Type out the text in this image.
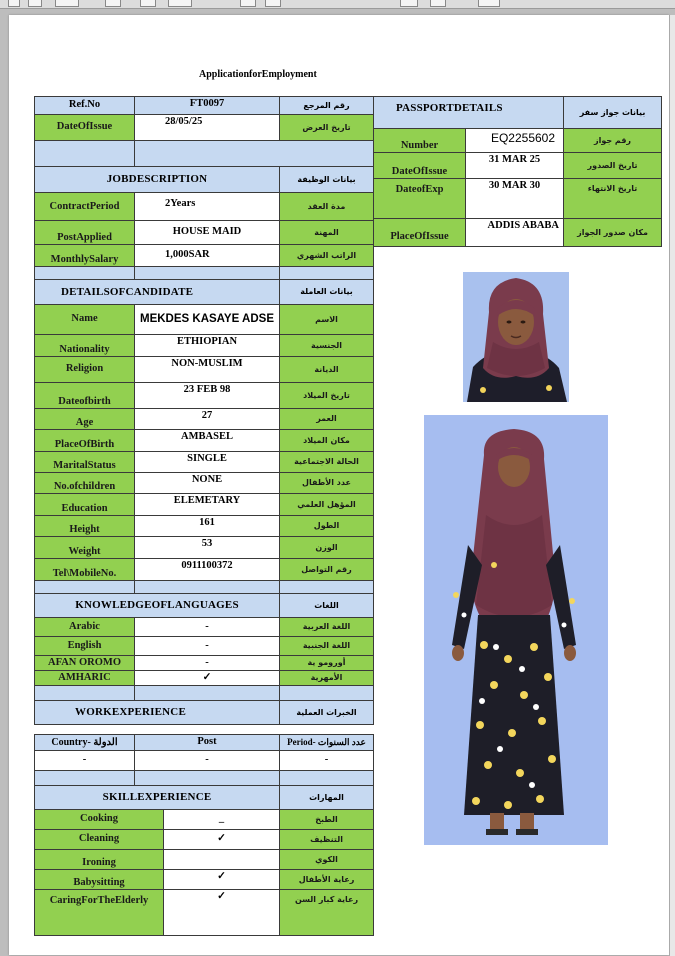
ApplicationforEmployment
Ref.No	FT0097	رقم المرجع
DateOfIssue	28/05/25	تاريخ العرض

JOBDESCRIPTION		بيانات الوظيفة
ContractPeriod	2Years	مدة العقد
PostApplied	HOUSE MAID	المهنة
MonthlySalary	1,000SAR	الراتب الشهري

DETAILSOFCANDIDATE		بيانات العاملة
Name	MEKDES KASAYE ADSE	الاسم
Nationality	ETHIOPIAN	الجنسية
Religion	NON-MUSLIM	الديانة
Dateofbirth	23 FEB 98	تاريخ الميلاد
Age	27	العمر
PlaceOfBirth	AMBASEL	مكان الميلاد
MaritalStatus	SINGLE	الحالة الاجتماعية
No.ofchildren	NONE	عدد الأطفال
Education	ELEMETARY	المؤهل العلمي
Height	161	الطول
Weight	53	الوزن
Tel\MobileNo.	0911100372	رقم التواصل

KNOWLEDGEOFLANGUAGES		اللغات
Arabic	-	اللغة العربية
English	-	اللغة الجنبية
AFAN OROMO	-	أورومو ية
AMHARIC	✓	الأمهرية

WORKEXPERIENCE		الخبرات العملية
Country- الدولة	Post	Period- عدد السنوات
-	-	-

SKILLEXPERIENCE		المهارات
Cooking	_	الطبخ
Cleaning	✓	التنظيف
Ironing		الكوي
Babysitting	✓	رعاية الأطفال
CaringForTheElderly	✓	رعاية كبار السن
PASSPORTDETAILS		بيانات جواز سفر
Number	EQ2255602	رقم جواز
DateOfIssue	31 MAR 25	تاريخ الصدور
DateofExp	30 MAR 30	تاريخ الانتهاء
PlaceOfIssue	ADDIS ABABA	مكان صدور الجواز
